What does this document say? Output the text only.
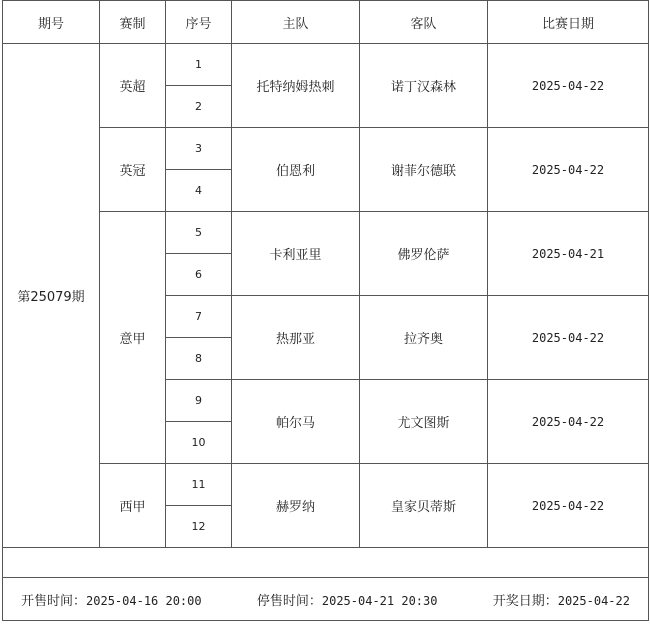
期号	赛制	序号	主队	客队	比赛日期
第25079期	英超	1	托特纳姆热刺	诺丁汉森林	2025-04-22
		2			
	英冠	3	伯恩利	谢菲尔德联	2025-04-22
		4			
	意甲	5	卡利亚里	佛罗伦萨	2025-04-21
		6			
		7	热那亚	拉齐奥	2025-04-22
		8			
		9	帕尔马	尤文图斯	2025-04-22
		10			
	西甲	11	赫罗纳	皇家贝蒂斯	2025-04-22
		12			

开售时间：2025-04-16 20:00 停售时间：2025-04-21 20:30 开奖日期：2025-04-22					
